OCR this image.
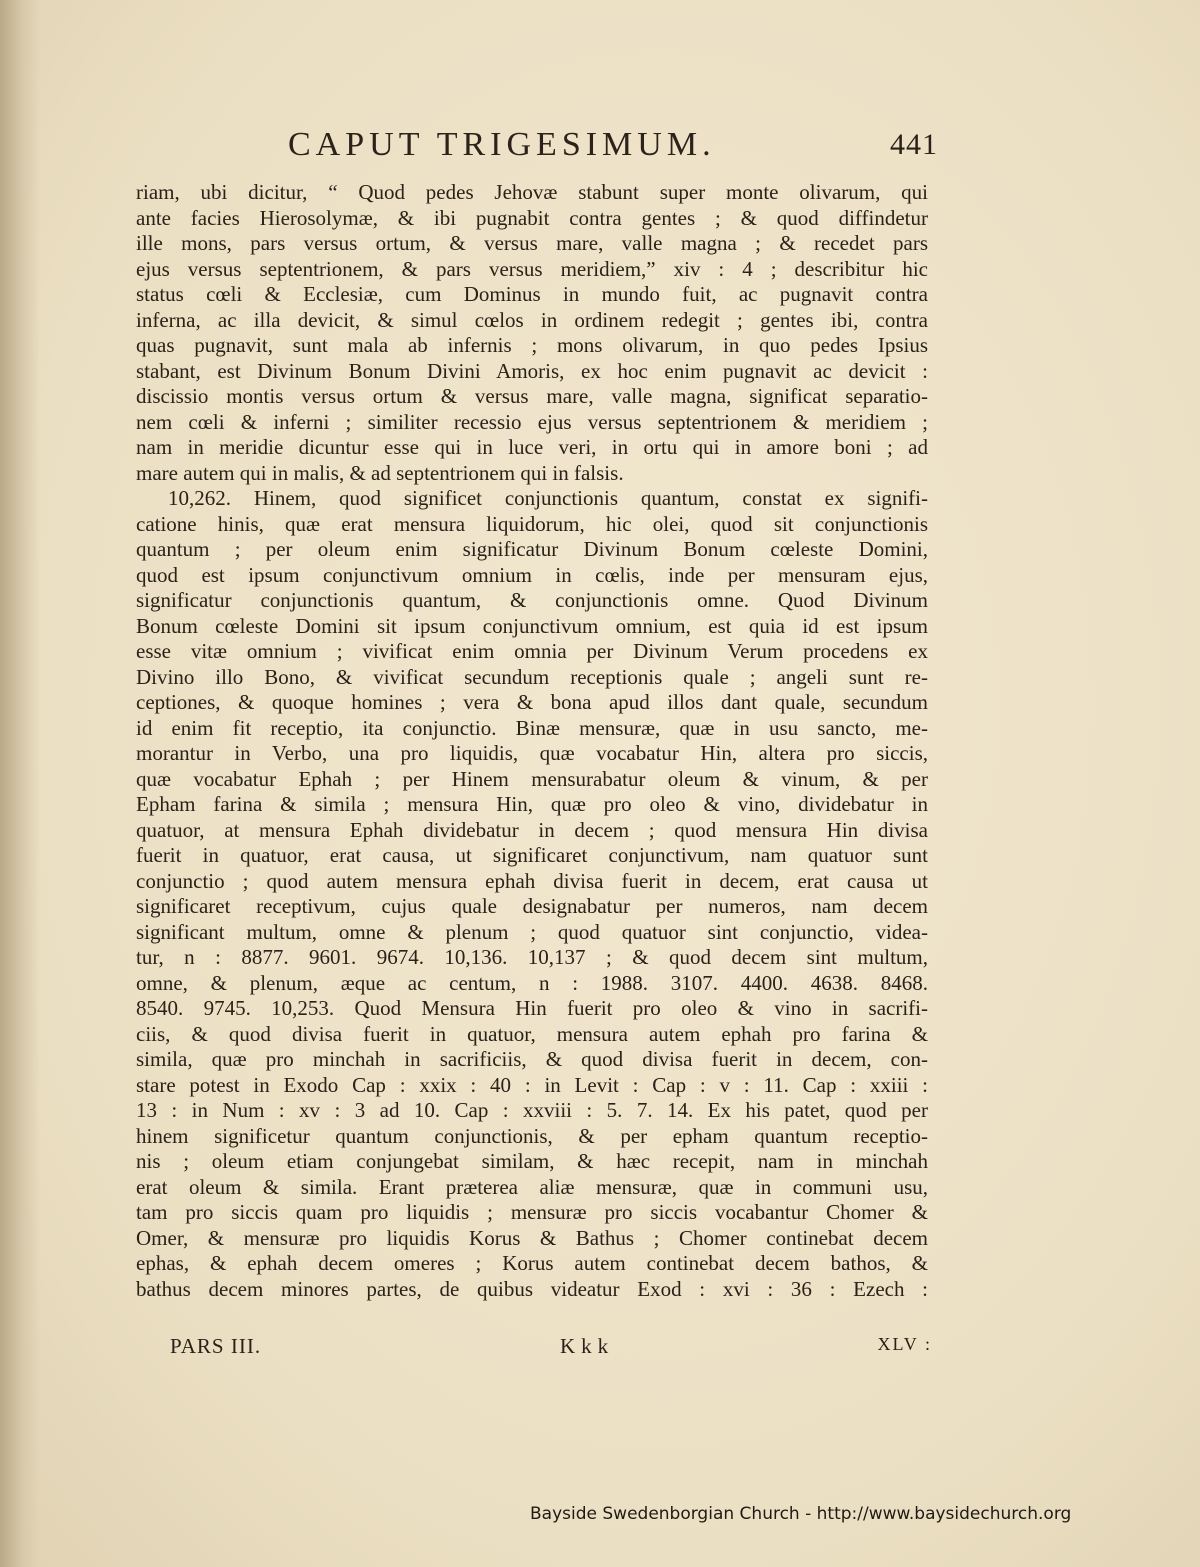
CAPUT TRIGESIMUM.	441
riam, ubi dicitur, “ Quod pedes Jehovæ stabunt super monte olivarum, qui
ante facies Hierosolymæ, & ibi pugnabit contra gentes ; & quod diffindetur
ille mons, pars versus ortum, & versus mare, valle magna ; & recedet pars
ejus versus septentrionem, & pars versus meridiem,” xiv : 4 ; describitur hic
status cœli & Ecclesiæ, cum Dominus in mundo fuit, ac pugnavit contra
inferna, ac illa devicit, & simul cœlos in ordinem redegit ; gentes ibi, contra
quas pugnavit, sunt mala ab infernis ; mons olivarum, in quo pedes Ipsius
stabant, est Divinum Bonum Divini Amoris, ex hoc enim pugnavit ac devicit :
discissio montis versus ortum & versus mare, valle magna, significat separatio-
nem cœli & inferni ; similiter recessio ejus versus septentrionem & meridiem ;
nam in meridie dicuntur esse qui in luce veri, in ortu qui in amore boni ; ad
mare autem qui in malis, & ad septentrionem qui in falsis.
10,262. Hinem, quod significet conjunctionis quantum, constat ex signifi-
catione hinis, quæ erat mensura liquidorum, hic olei, quod sit conjunctionis
quantum ; per oleum enim significatur Divinum Bonum cœleste Domini,
quod est ipsum conjunctivum omnium in cœlis, inde per mensuram ejus,
significatur conjunctionis quantum, & conjunctionis omne. Quod Divinum
Bonum cœleste Domini sit ipsum conjunctivum omnium, est quia id est ipsum
esse vitæ omnium ; vivificat enim omnia per Divinum Verum procedens ex
Divino illo Bono, & vivificat secundum receptionis quale ; angeli sunt re-
ceptiones, & quoque homines ; vera & bona apud illos dant quale, secundum
id enim fit receptio, ita conjunctio. Binæ mensuræ, quæ in usu sancto, me-
morantur in Verbo, una pro liquidis, quæ vocabatur Hin, altera pro siccis,
quæ vocabatur Ephah ; per Hinem mensurabatur oleum & vinum, & per
Epham farina & simila ; mensura Hin, quæ pro oleo & vino, dividebatur in
quatuor, at mensura Ephah dividebatur in decem ; quod mensura Hin divisa
fuerit in quatuor, erat causa, ut significaret conjunctivum, nam quatuor sunt
conjunctio ; quod autem mensura ephah divisa fuerit in decem, erat causa ut
significaret receptivum, cujus quale designabatur per numeros, nam decem
significant multum, omne & plenum ; quod quatuor sint conjunctio, videa-
tur, n : 8877. 9601. 9674. 10,136. 10,137 ; & quod decem sint multum,
omne, & plenum, æque ac centum, n : 1988. 3107. 4400. 4638. 8468.
8540. 9745. 10,253. Quod Mensura Hin fuerit pro oleo & vino in sacrifi-
ciis, & quod divisa fuerit in quatuor, mensura autem ephah pro farina &
simila, quæ pro minchah in sacrificiis, & quod divisa fuerit in decem, con-
stare potest in Exodo Cap : xxix : 40 : in Levit : Cap : v : 11. Cap : xxiii :
13 : in Num : xv : 3 ad 10. Cap : xxviii : 5. 7. 14. Ex his patet, quod per
hinem significetur quantum conjunctionis, & per epham quantum receptio-
nis ; oleum etiam conjungebat similam, & hæc recepit, nam in minchah
erat oleum & simila. Erant præterea aliæ mensuræ, quæ in communi usu,
tam pro siccis quam pro liquidis ; mensuræ pro siccis vocabantur Chomer &
Omer, & mensuræ pro liquidis Korus & Bathus ; Chomer continebat decem
ephas, & ephah decem omeres ; Korus autem continebat decem bathos, &
bathus decem minores partes, de quibus videatur Exod : xvi : 36 : Ezech :
PARS III.	Kkk	XLV :
Bayside Swedenborgian Church - http://www.baysidechurch.org
